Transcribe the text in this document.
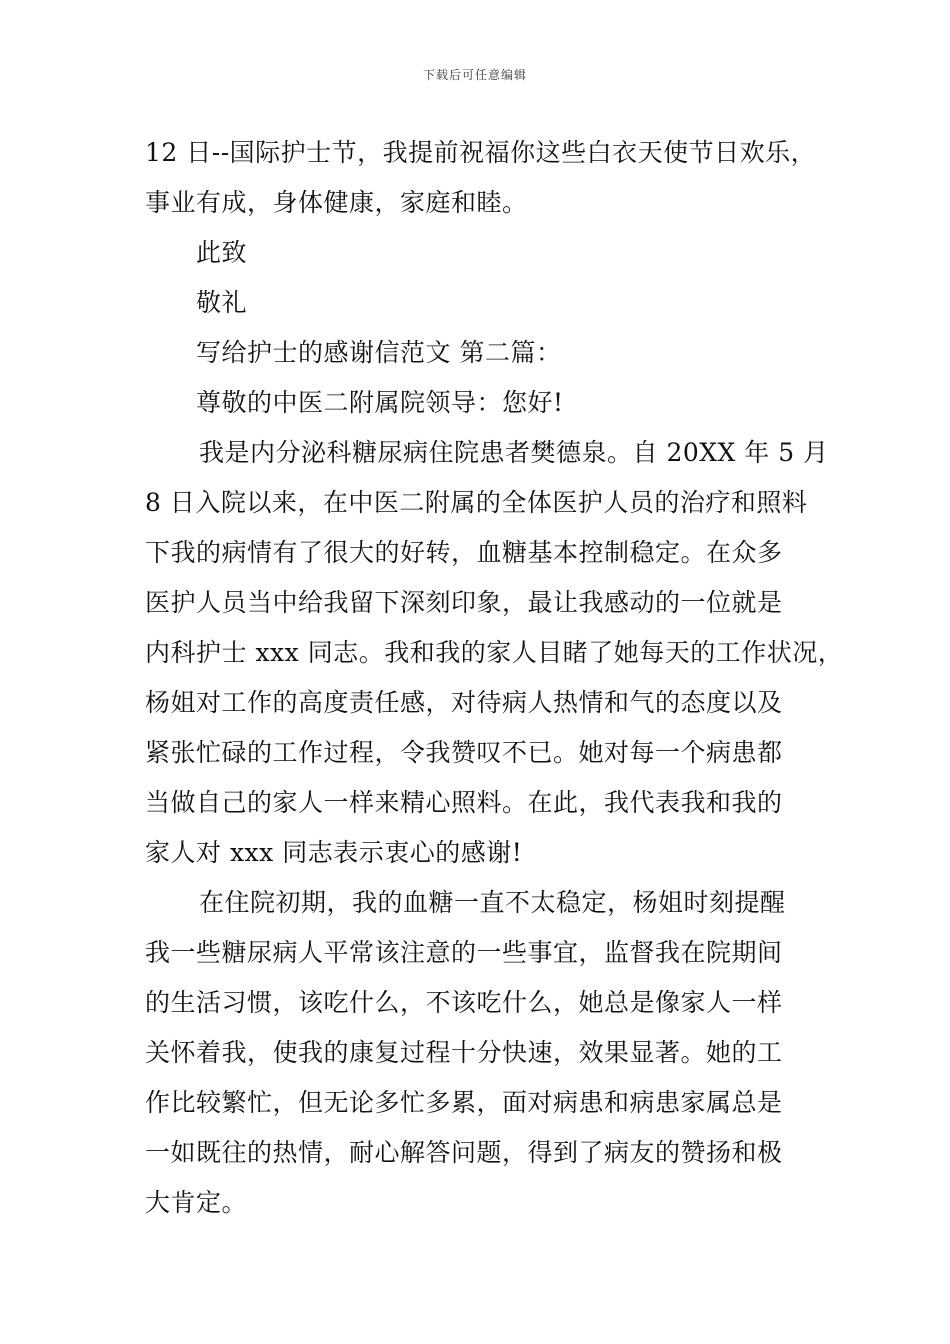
下载后可任意编辑
12 日--国际护士节，我提前祝福你这些白衣天使节日欢乐，
事业有成，身体健康，家庭和睦。
此致
敬礼
写给护士的感谢信范文 第二篇：
尊敬的中医二附属院领导：您好!
我是内分泌科糖尿病住院患者樊德泉。自 20XX 年 5 月
8 日入院以来，在中医二附属的全体医护人员的治疗和照料
下我的病情有了很大的好转，血糖基本控制稳定。在众多
医护人员当中给我留下深刻印象，最让我感动的一位就是
内科护士 xxx 同志。我和我的家人目睹了她每天的工作状况，
杨姐对工作的高度责任感，对待病人热情和气的态度以及
紧张忙碌的工作过程，令我赞叹不已。她对每一个病患都
当做自己的家人一样来精心照料。在此，我代表我和我的
家人对 xxx 同志表示衷心的感谢!
在住院初期，我的血糖一直不太稳定，杨姐时刻提醒
我一些糖尿病人平常该注意的一些事宜，监督我在院期间
的生活习惯，该吃什么，不该吃什么，她总是像家人一样
关怀着我，使我的康复过程十分快速，效果显著。她的工
作比较繁忙，但无论多忙多累，面对病患和病患家属总是
一如既往的热情，耐心解答问题，得到了病友的赞扬和极
大肯定。
